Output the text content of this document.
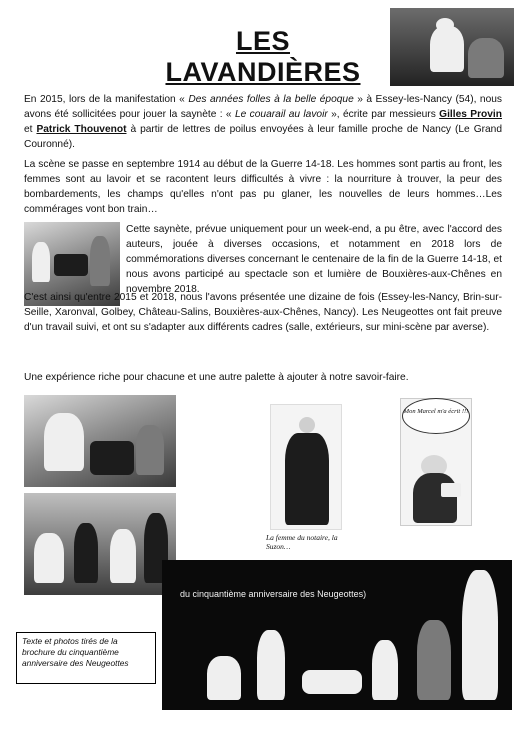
LES LAVANDIÈRES

En 2015, lors de la manifestation « Des années folles à la belle époque » à Essey-les-Nancy (54), nous avons été sollicitées pour jouer la saynète : « Le couarail au lavoir », écrite par messieurs Gilles Provin et Patrick Thouvenot à partir de lettres de poilus envoyées à leur famille proche de Nancy (Le Grand Couronné).

La scène se passe en septembre 1914 au début de la Guerre 14-18. Les hommes sont partis au front, les femmes sont au lavoir et se racontent leurs difficultés à vivre : la nourriture à trouver, la peur des bombardements, les champs qu'elles n'ont pas pu glaner, les nouvelles de leurs hommes…Les commérages vont bon train…

Cette saynète, prévue uniquement pour un week-end, a pu être, avec l'accord des auteurs, jouée à diverses occasions, et notamment en 2018 lors de commémorations diverses concernant le centenaire de la fin de la Guerre 14-18, et nous avons participé au spectacle son et lumière de Bouxières-aux-Chênes en novembre 2018.

C'est ainsi qu'entre 2015 et 2018, nous l'avons présentée une dizaine de fois (Essey-les-Nancy, Brin-sur-Seille, Xaronval, Golbey, Château-Salins, Bouxières-aux-Chênes, Nancy). Les Neugeottes ont fait preuve d'un travail suivi, et ont su s'adapter aux différents cadres (salle, extérieurs, sur mini-scène par averse).

Une expérience riche pour chacune et une autre palette à ajouter à notre savoir-faire.

La femme du notaire, la Suzon…
Mon Marcel m'a écrit !!!
du cinquantième anniversaire des Neugeottes)
Texte et photos tirés de la brochure du cinquantième anniversaire des Neugeottes
